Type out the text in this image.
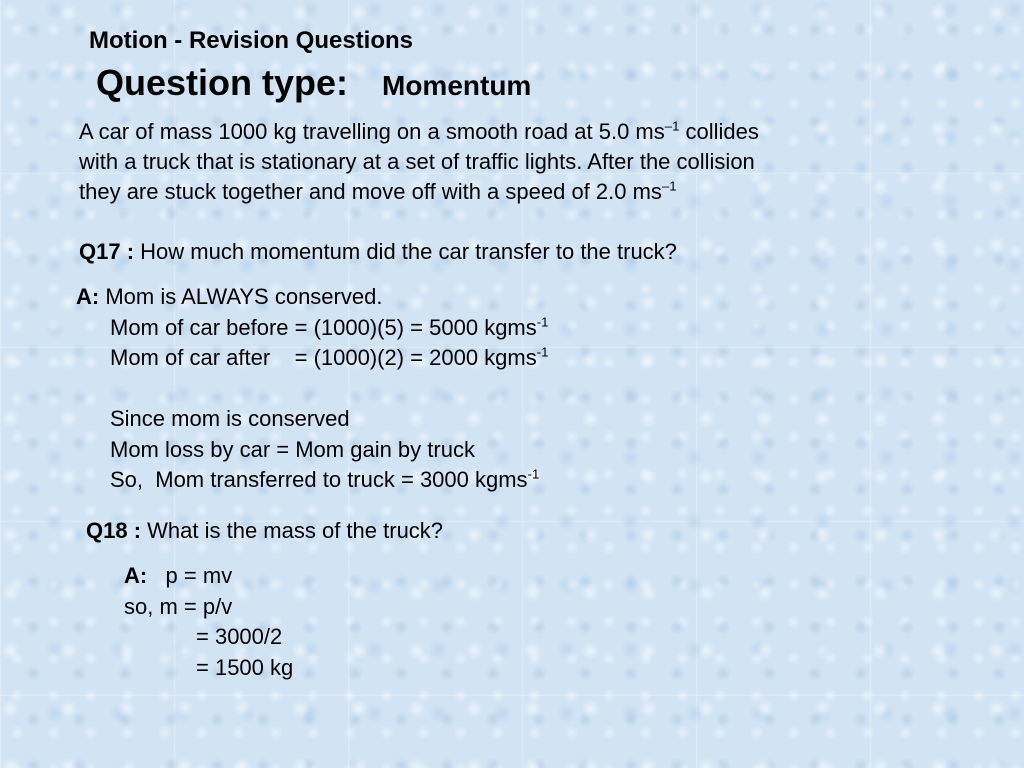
Motion - Revision Questions
Question type: Momentum
A car of mass 1000 kg travelling on a smooth road at 5.0 $ms^{-1}$ collides
with a truck that is stationary at a set of traffic lights. After the collision
they are stuck together and move off with a speed of 2.0 $ms^{-1}$
Q17 : How much momentum did the car transfer to the truck?
A: Mom is ALWAYS conserved.
Mom of car before = (1000)(5) = 5000 kgms$^{-1}$
Mom of car after    = (1000)(2) = 2000 kgms$^{-1}$
Since mom is conserved
Mom loss by car = Mom gain by truck
So,  Mom transferred to truck = 3000 kgms$^{-1}$
Q18 : What is the mass of the truck?
A:   p = mv
so, m = p/v
= 3000/2
= 1500 kg
